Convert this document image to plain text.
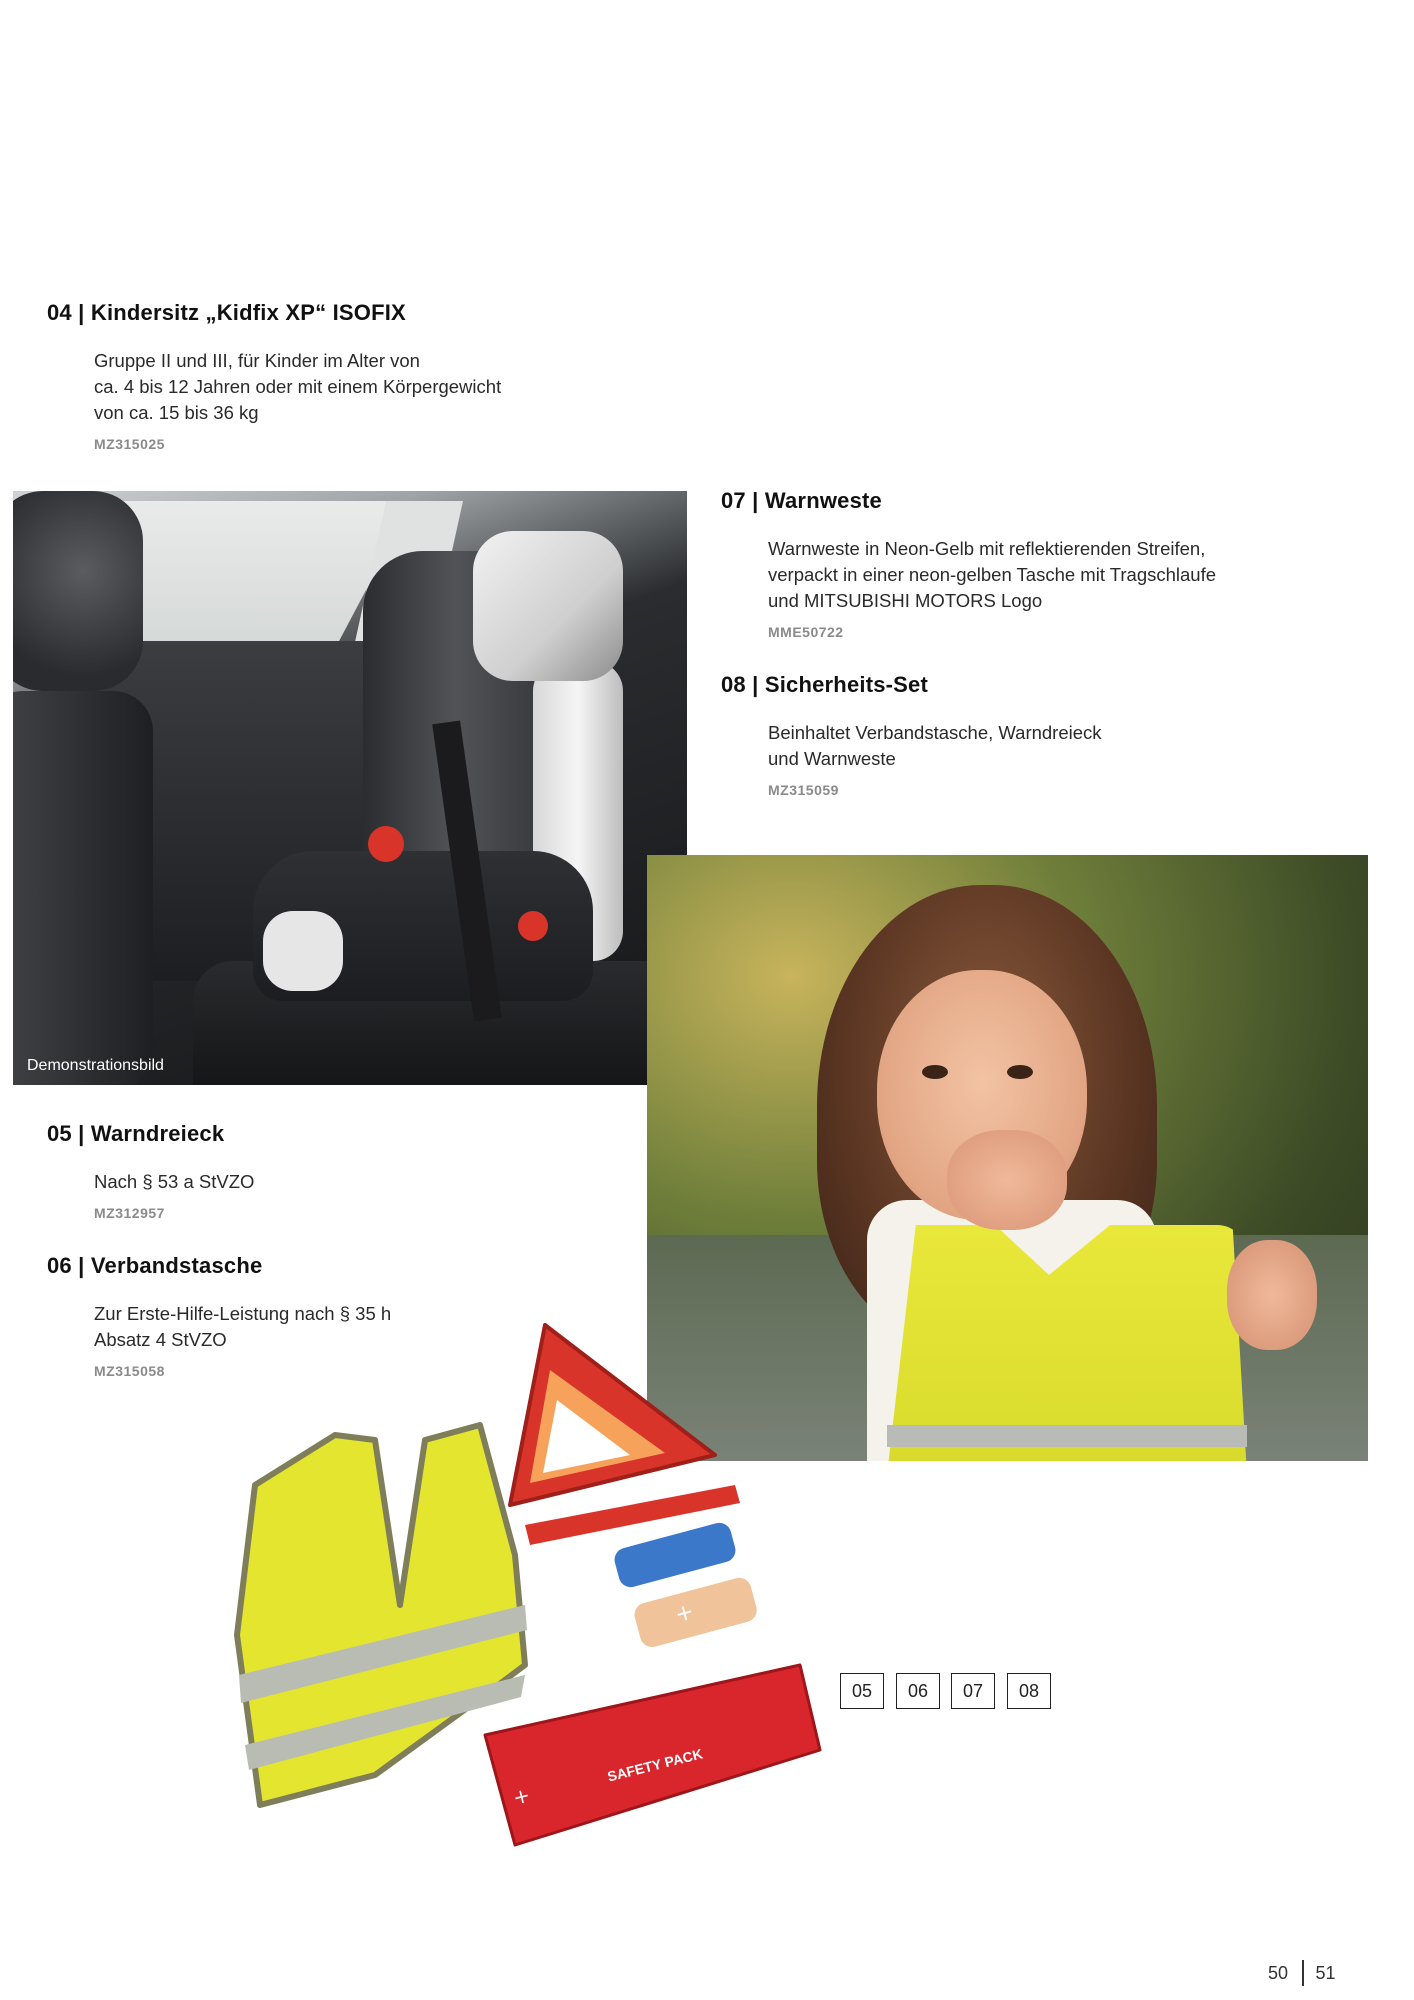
04 | Kindersitz „Kidfix XP“ ISOFIX
Gruppe II und III, für Kinder im Alter von
ca. 4 bis 12 Jahren oder mit einem Körpergewicht
von ca. 15 bis 36 kg
MZ315025
Demonstrationsbild
07 | Warnweste
Warnweste in Neon-Gelb mit reflektierenden Streifen,
verpackt in einer neon-gelben Tasche mit Tragschlaufe
und MITSUBISHI MOTORS Logo
MME50722
08 | Sicherheits-Set
Beinhaltet Verbandstasche, Warndreieck
und Warnweste
MZ315059
05 | Warndreieck
Nach § 53 a StVZO
MZ312957
06 | Verbandstasche
Zur Erste-Hilfe-Leistung nach § 35 h
Absatz 4 StVZO
MZ315058
+
SAFETY PACK
+
05	06	07	08
50 51
